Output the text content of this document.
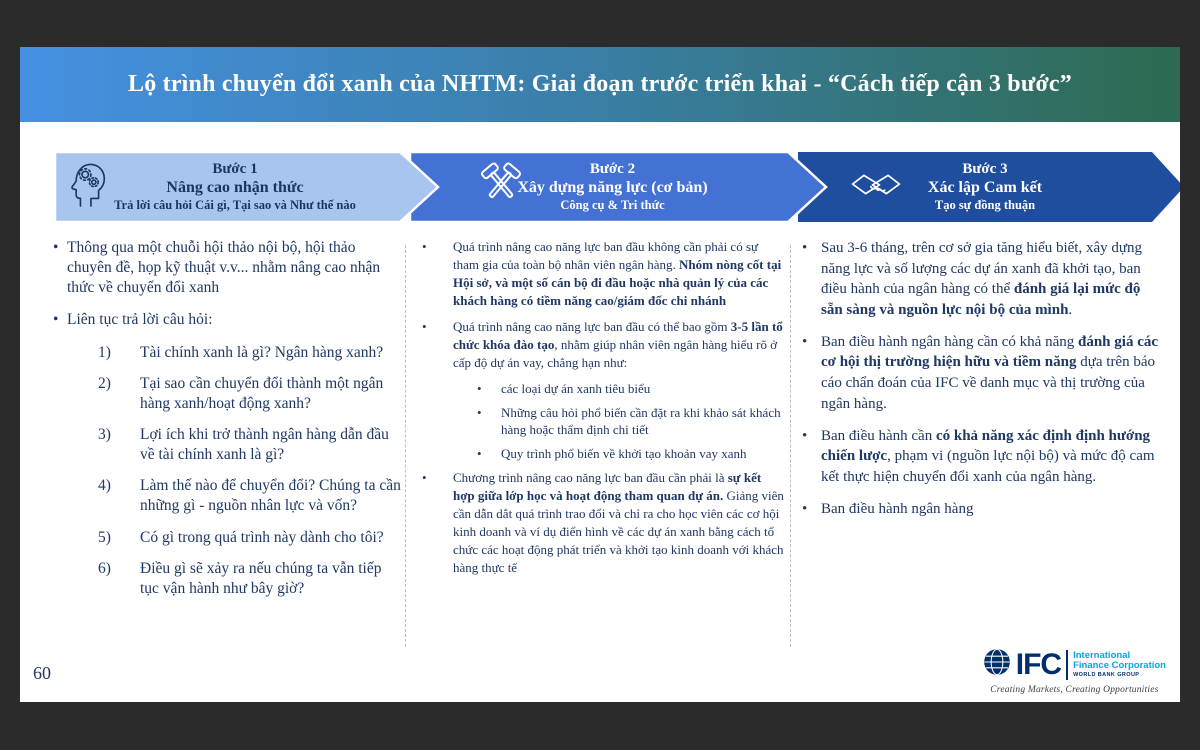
Lộ trình chuyển đổi xanh của NHTM: Giai đoạn trước triển khai - “Cách tiếp cận 3 bước”
Bước 1
Nâng cao nhận thức
Trả lời câu hỏi Cái gì, Tại sao và Như thế nào
Bước 2
Xây dựng năng lực (cơ bản)
Công cụ & Tri thức
Bước 3
Xác lập Cam kết
Tạo sự đồng thuận
• Thông qua một chuỗi hội thảo nội bộ, hội thảo chuyên đề, họp kỹ thuật v.v... nhằm nâng cao nhận thức về chuyển đổi xanh
• Liên tục trả lời câu hỏi:
1)	Tài chính xanh là gì? Ngân hàng xanh?
2)	Tại sao cần chuyển đổi thành một ngân hàng xanh/hoạt động xanh?
3)	Lợi ích khi trở thành ngân hàng dẫn đầu về tài chính xanh là gì?
4)	Làm thế nào để chuyển đổi? Chúng ta cần những gì - nguồn nhân lực và vốn?
5)	Có gì trong quá trình này dành cho tôi?
6)	Điều gì sẽ xảy ra nếu chúng ta vẫn tiếp tục vận hành như bây giờ?
•	Quá trình nâng cao năng lực ban đầu không cần phải có sự tham gia của toàn bộ nhân viên ngân hàng. Nhóm nòng cốt tại Hội sở, và một số cán bộ đi đầu hoặc nhà quản lý của các khách hàng có tiềm năng cao/giám đốc chi nhánh
•	Quá trình nâng cao năng lực ban đầu có thể bao gồm 3-5 lần tổ chức khóa đào tạo, nhằm giúp nhân viên ngân hàng hiểu rõ ở cấp độ dự án vay, chẳng hạn như:
•	các loại dự án xanh tiêu biểu
•	Những câu hỏi phổ biến cần đặt ra khi khảo sát khách hàng hoặc thẩm định chi tiết
•	Quy trình phổ biến về khởi tạo khoản vay xanh
•	Chương trình nâng cao năng lực ban đầu cần phải là sự kết hợp giữa lớp học và hoạt động tham quan dự án. Giảng viên cần dẫn dắt quá trình trao đổi và chỉ ra cho học viên các cơ hội kinh doanh và ví dụ điển hình về các dự án xanh bằng cách tổ chức các hoạt động phát triển và khởi tạo kinh doanh với khách hàng thực tế
• Sau 3-6 tháng, trên cơ sở gia tăng hiểu biết, xây dựng năng lực và số lượng các dự án xanh đã khởi tạo, ban điều hành của ngân hàng có thể đánh giá lại mức độ sẵn sàng và nguồn lực nội bộ của mình.
• Ban điều hành ngân hàng cần có khả năng đánh giá các cơ hội thị trường hiện hữu và tiềm năng dựa trên báo cáo chẩn đoán của IFC về danh mục và thị trường của ngân hàng.
• Ban điều hành cần có khả năng xác định định hướng chiến lược, phạm vi (nguồn lực nội bộ) và mức độ cam kết thực hiện chuyển đổi xanh của ngân hàng.
• Ban điều hành ngân hàng
60	IFC International
Finance Corporation
WORLD BANK GROUP
Creating Markets, Creating Opportunities
